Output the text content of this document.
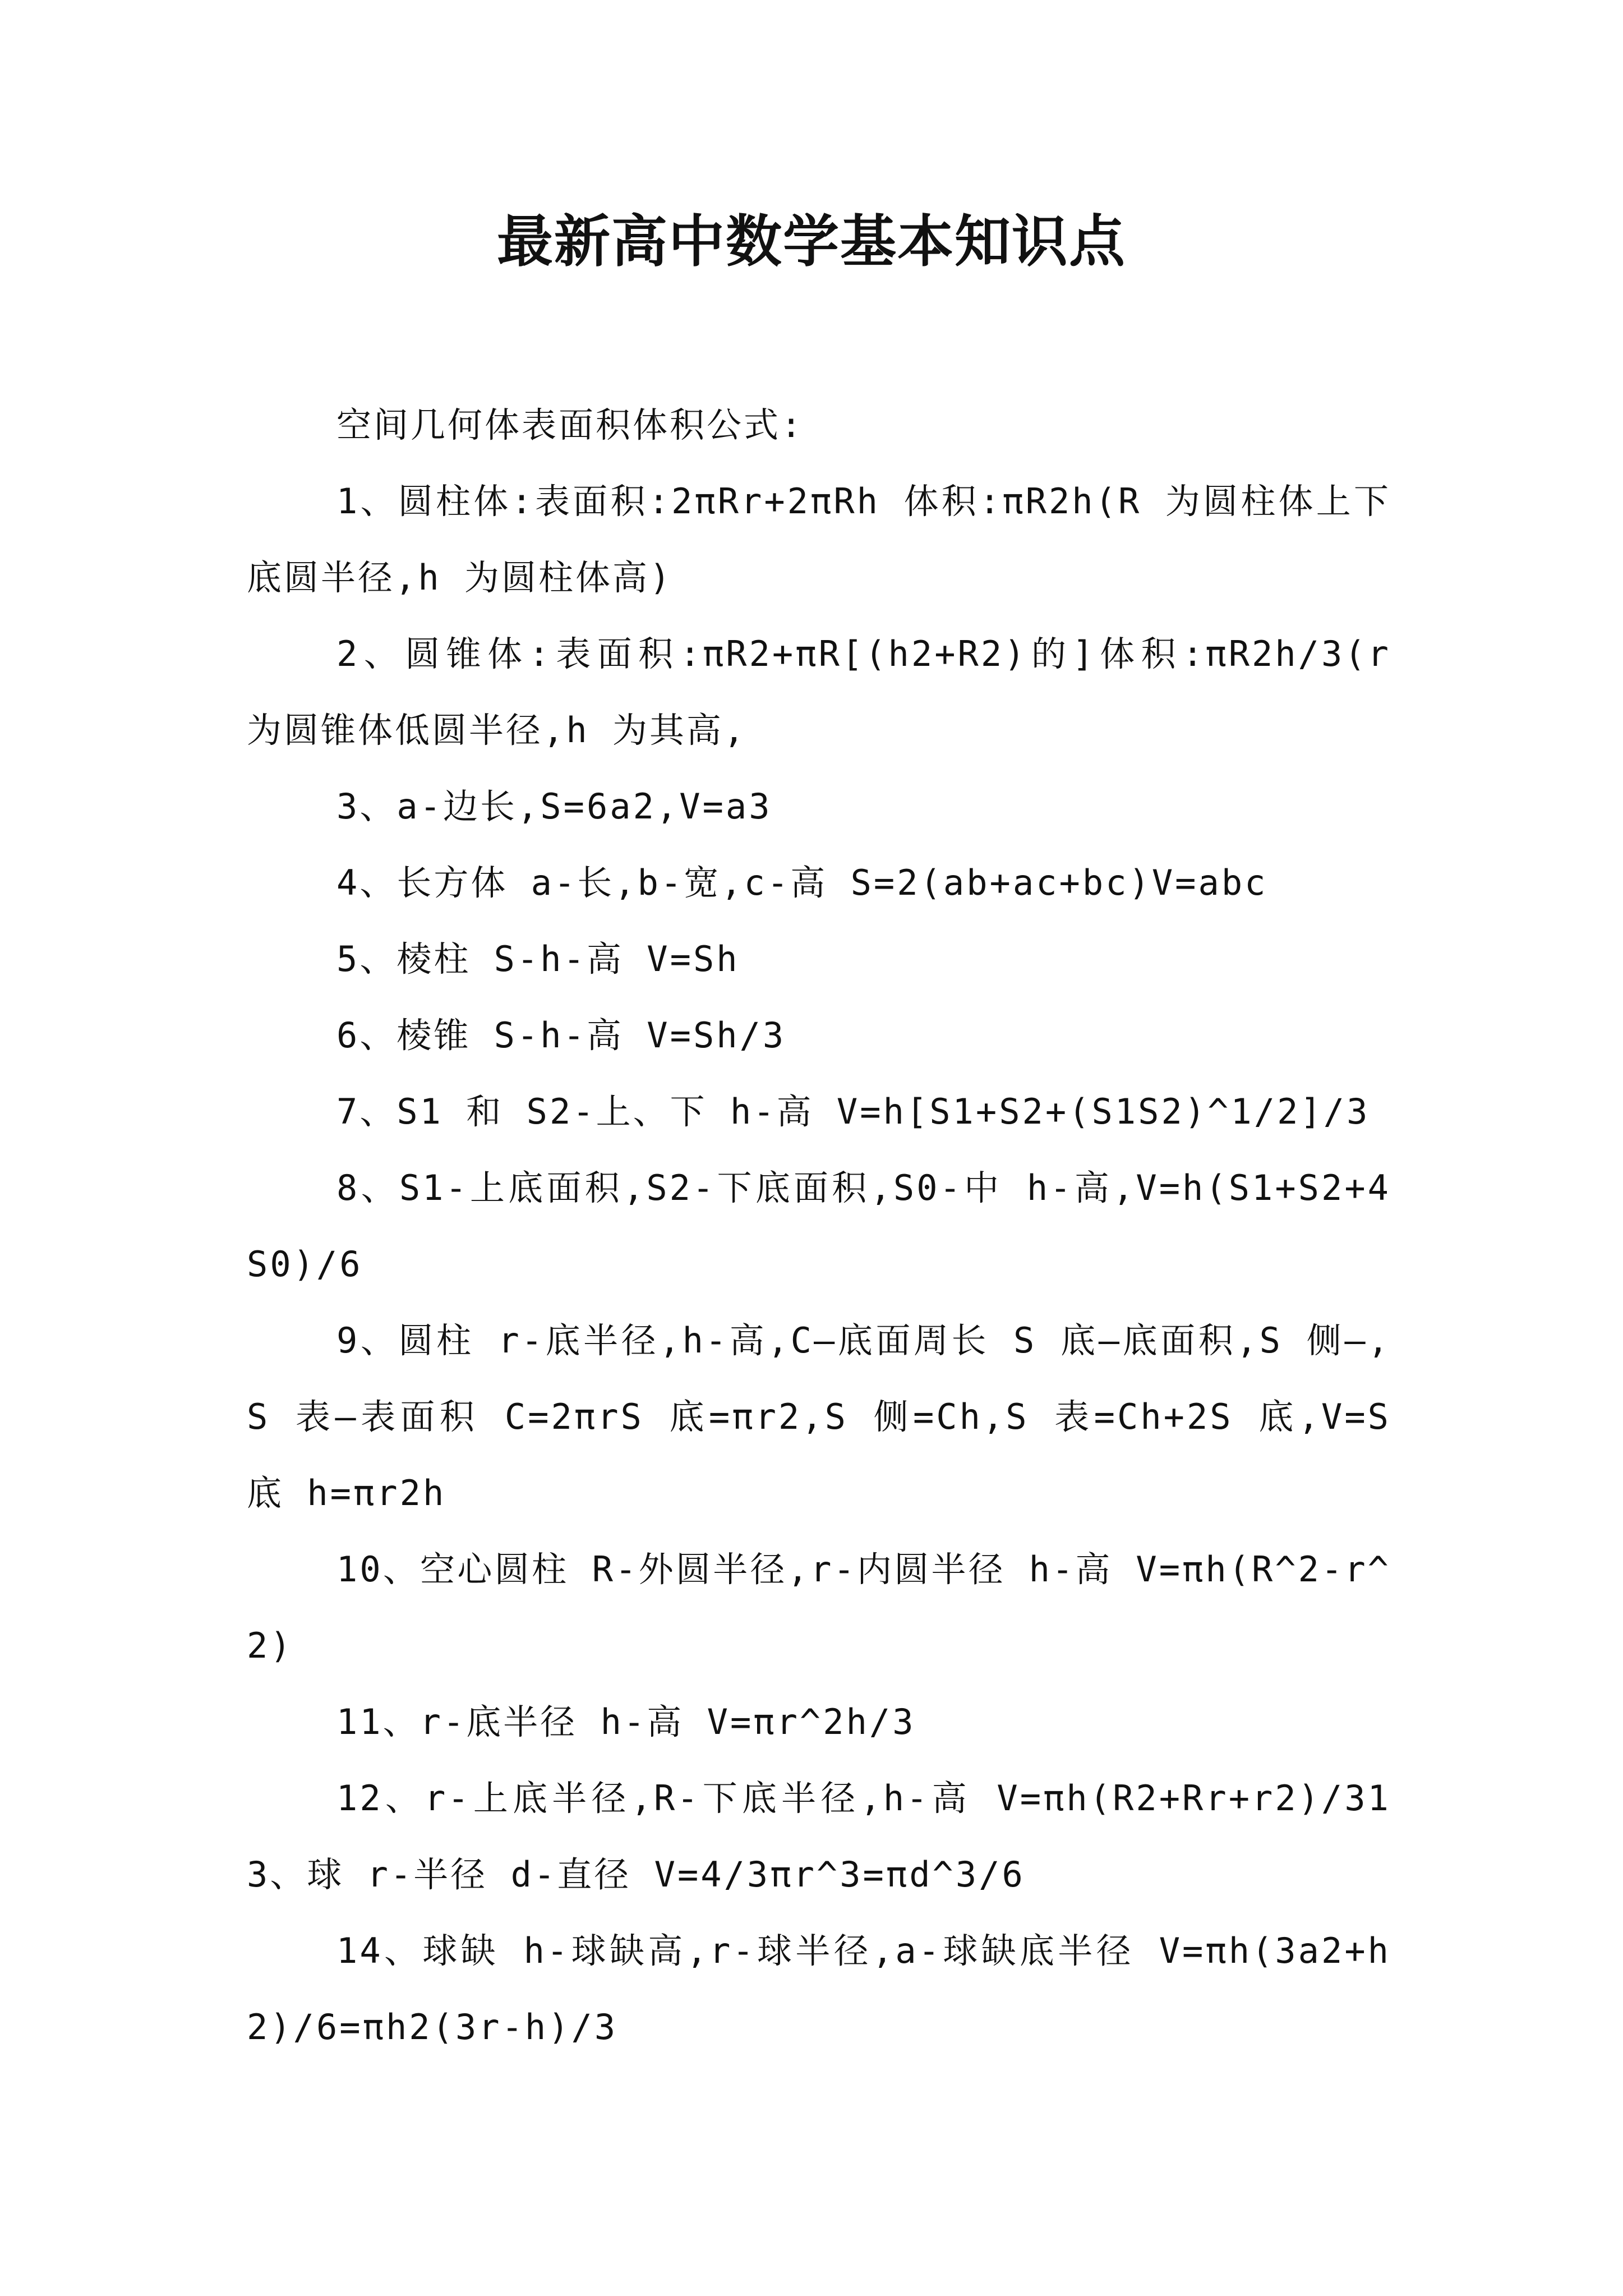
最新高中数学基本知识点

空间几何体表面积体积公式:

1、圆柱体:表面积:2πRr+2πRh 体积:πR2h(R 为圆柱体上下底圆半径,h 为圆柱体高)

2、圆锥体:表面积:πR2+πR[(h2+R2)的]体积:πR2h/3(r 为圆锥体低圆半径,h 为其高,

3、a-边长,S=6a2,V=a3

4、长方体 a-长,b-宽,c-高 S=2(ab+ac+bc)V=abc

5、棱柱 S-h-高 V=Sh

6、棱锥 S-h-高 V=Sh/3

7、S1 和 S2-上、下 h-高 V=h[S1+S2+(S1S2)^1/2]/3

8、S1-上底面积,S2-下底面积,S0-中 h-高,V=h(S1+S2+4S0)/6

9、圆柱 r-底半径,h-高,C—底面周长 S 底—底面积,S 侧—,S 表—表面积 C=2πrS 底=πr2,S 侧=Ch,S 表=Ch+2S 底,V=S 底 h=πr2h

10、空心圆柱 R-外圆半径,r-内圆半径 h-高 V=πh(R^2-r^2)

11、r-底半径 h-高 V=πr^2h/3

12、r-上底半径,R-下底半径,h-高 V=πh(R2+Rr+r2)/313、球 r-半径 d-直径 V=4/3πr^3=πd^3/6

14、球缺 h-球缺高,r-球半径,a-球缺底半径 V=πh(3a2+h2)/6=πh2(3r-h)/3
